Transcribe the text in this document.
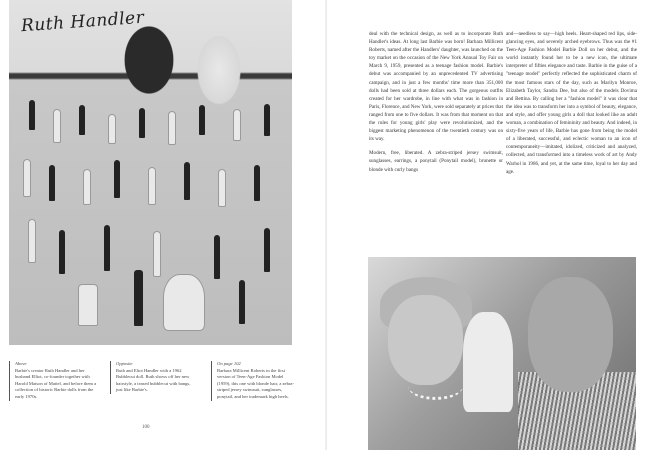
Ruth Handler
Above
Barbie's creator Ruth Handler and her husband Elliot, co-founder together with Harold Matson of Mattel, and before them a collection of historic Barbie dolls from the early 1970s.
Opposite
Ruth and Eliot Handler with a 1962 Bubblecut doll. Ruth shows off her new hairstyle, a teased bubblecut with bangs, just like Barbie's.
On page 102
Barbara Millicent Roberts in the first version of Teen-Age Fashion Model (1959), this one with blonde hair, a zebra-striped jersey swimsuit, sunglasses, ponytail, and her trademark high heels.
100

deal with the technical design, as well as to incorporate Ruth Handler's ideas. At long last Barbie was born! Barbara Millicent Roberts, named after the Handlers' daughter, was launched on the toy market on the occasion of the New York Annual Toy Fair on March 9, 1959, presented as a teenage fashion model. Barbie's debut was accompanied by an unprecedented TV advertising campaign, and in just a few months' time more than 351,000 dolls had been sold at three dollars each. The gorgeous outfits created for her wardrobe, in line with what was in fashion in Paris, Florence, and New York, were sold separately at prices that ranged from one to five dollars. It was from that moment on that the rules for young girls' play were revolutionized, and the biggest marketing phenomenon of the twentieth century was on its way.

Modern, free, liberated. A zebra-striped jersey swimsuit, sunglasses, earrings, a ponytail (Ponytail model), brunette or blonde with curly bangs

and—needless to say—high heels. Heart-shaped red lips, side-glancing eyes, and severely arched eyebrows. Thus was the #1 Teen-Age Fashion Model Barbie Doll on her debut, and the world instantly found her to be a new icon, the ultimate interpreter of fifties elegance and taste. Barbie in the guise of a "teenage model" perfectly reflected the sophisticated charm of the most famous stars of the day, such as Marilyn Monroe, Elizabeth Taylor, Sandra Dee, but also of the models Dovima and Bettina. By calling her a "fashion model" it was clear that the idea was to transform her into a symbol of beauty, elegance, and style, and offer young girls a doll that looked like an adult woman, a combination of femininity and beauty. And indeed, in sixty-five years of life, Barbie has gone from being the model of a liberated, successful, and eclectic woman to an icon of contemporaneity—imitated, idolized, criticized and analyzed, collected, and transformed into a timeless work of art by Andy Warhol in 1986, and yet, at the same time, loyal to her day and age.
